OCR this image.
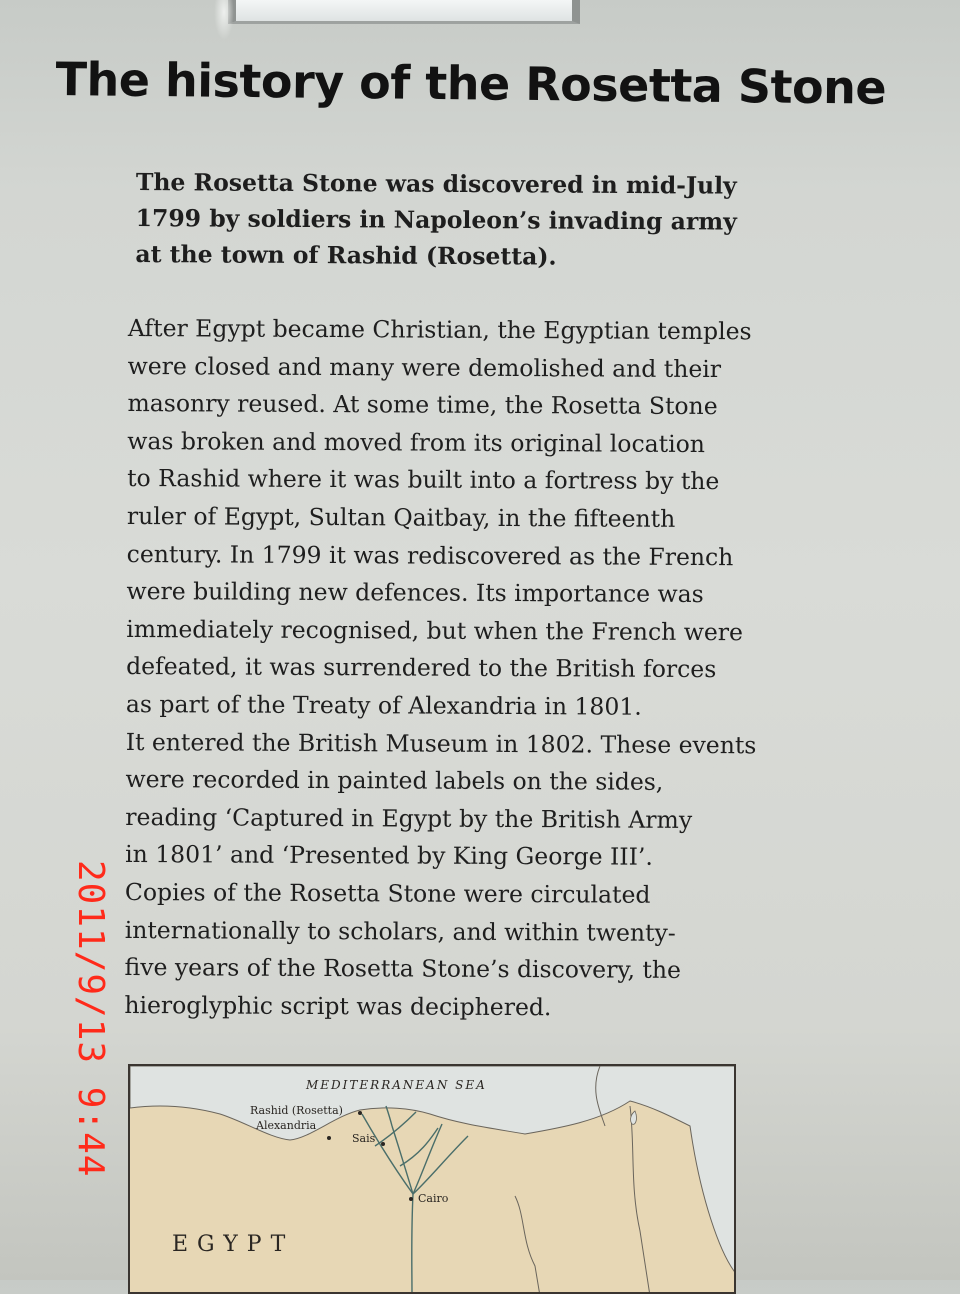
The history of the Rosetta Stone
The Rosetta Stone was discovered in mid-July
1799 by soldiers in Napoleon’s invading army
at the town of Rashid (Rosetta).
After Egypt became Christian, the Egyptian temples
were closed and many were demolished and their
masonry reused. At some time, the Rosetta Stone
was broken and moved from its original location
to Rashid where it was built into a fortress by the
ruler of Egypt, Sultan Qaitbay, in the fifteenth
century. In 1799 it was rediscovered as the French
were building new defences. Its importance was
immediately recognised, but when the French were
defeated, it was surrendered to the British forces
as part of the Treaty of Alexandria in 1801.
It entered the British Museum in 1802. These events
were recorded in painted labels on the sides,
reading ‘Captured in Egypt by the British Army
in 1801’ and ‘Presented by King George III’.
Copies of the Rosetta Stone were circulated
internationally to scholars, and within twenty-
five years of the Rosetta Stone’s discovery, the
hieroglyphic script was deciphered.
2011/9/13 9:44	MEDITERRANEAN SEA
Rashid (Rosetta)
Alexandria
Sais
Cairo
EGYPT
